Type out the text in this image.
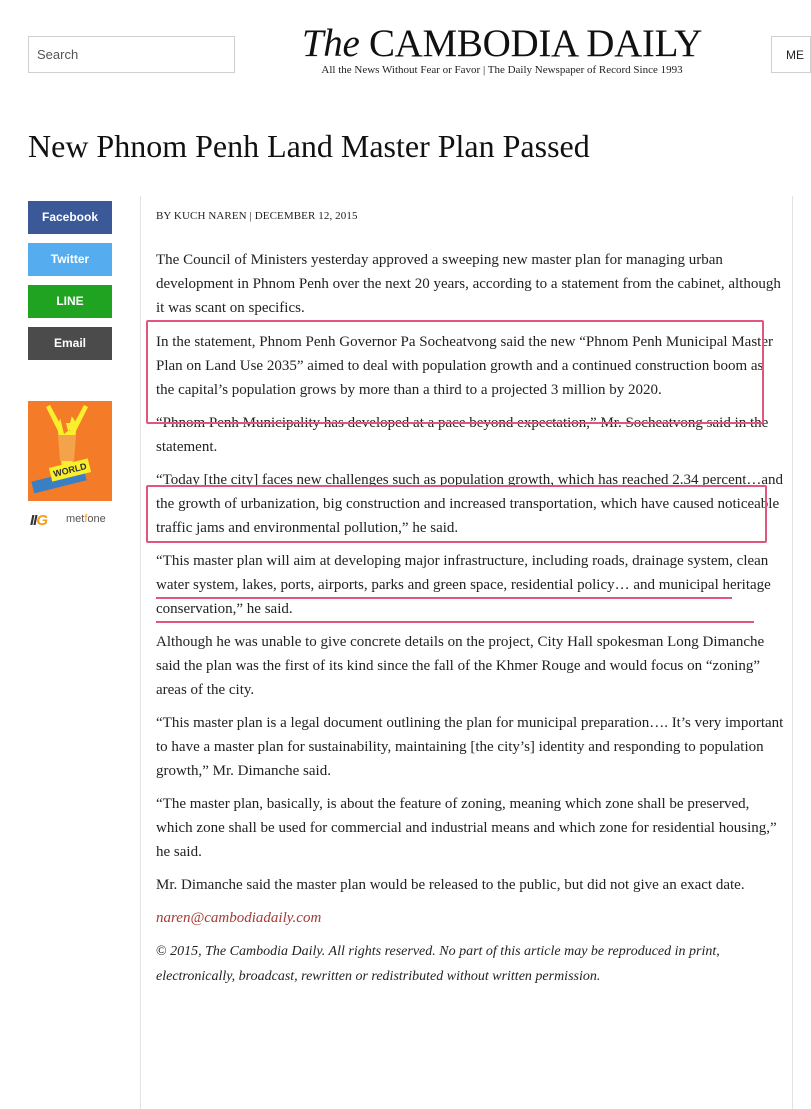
Search
The CAMBODIA DAILY
All the News Without Fear or Favor | The Daily Newspaper of Record Since 1993
ME
New Phnom Penh Land Master Plan Passed
Facebook
Twitter
LINE
Email
WORLD
IIG metfone
BY KUCH NAREN | DECEMBER 12, 2015

The Council of Ministers yesterday approved a sweeping new master plan for managing urban development in Phnom Penh over the next 20 years, according to a statement from the cabinet, although it was scant on specifics.

In the statement, Phnom Penh Governor Pa Socheatvong said the new “Phnom Penh Municipal Master Plan on Land Use 2035” aimed to deal with population growth and a continued construction boom as the capital’s population grows by more than a third to a projected 3 million by 2020.

“Phnom Penh Municipality has developed at a pace beyond expectation,” Mr. Socheatvong said in the statement.

“Today [the city] faces new challenges such as population growth, which has reached 2.34 percent…and the growth of urbanization, big construction and increased transportation, which have caused noticeable traffic jams and environmental pollution,” he said.

“This master plan will aim at developing major infrastructure, including roads, drainage system, clean water system, lakes, ports, airports, parks and green space, residential policy… and municipal heritage conservation,” he said.

Although he was unable to give concrete details on the project, City Hall spokesman Long Dimanche said the plan was the first of its kind since the fall of the Khmer Rouge and would focus on “zoning” areas of the city.

“This master plan is a legal document outlining the plan for municipal preparation…. It’s very important to have a master plan for sustainability, maintaining [the city’s] identity and responding to population growth,” Mr. Dimanche said.

“The master plan, basically, is about the feature of zoning, meaning which zone shall be preserved, which zone shall be used for commercial and industrial means and which zone for residential housing,” he said.

Mr. Dimanche said the master plan would be released to the public, but did not give an exact date.

naren@cambodiadaily.com

© 2015, The Cambodia Daily. All rights reserved. No part of this article may be reproduced in print, electronically, broadcast, rewritten or redistributed without written permission.
